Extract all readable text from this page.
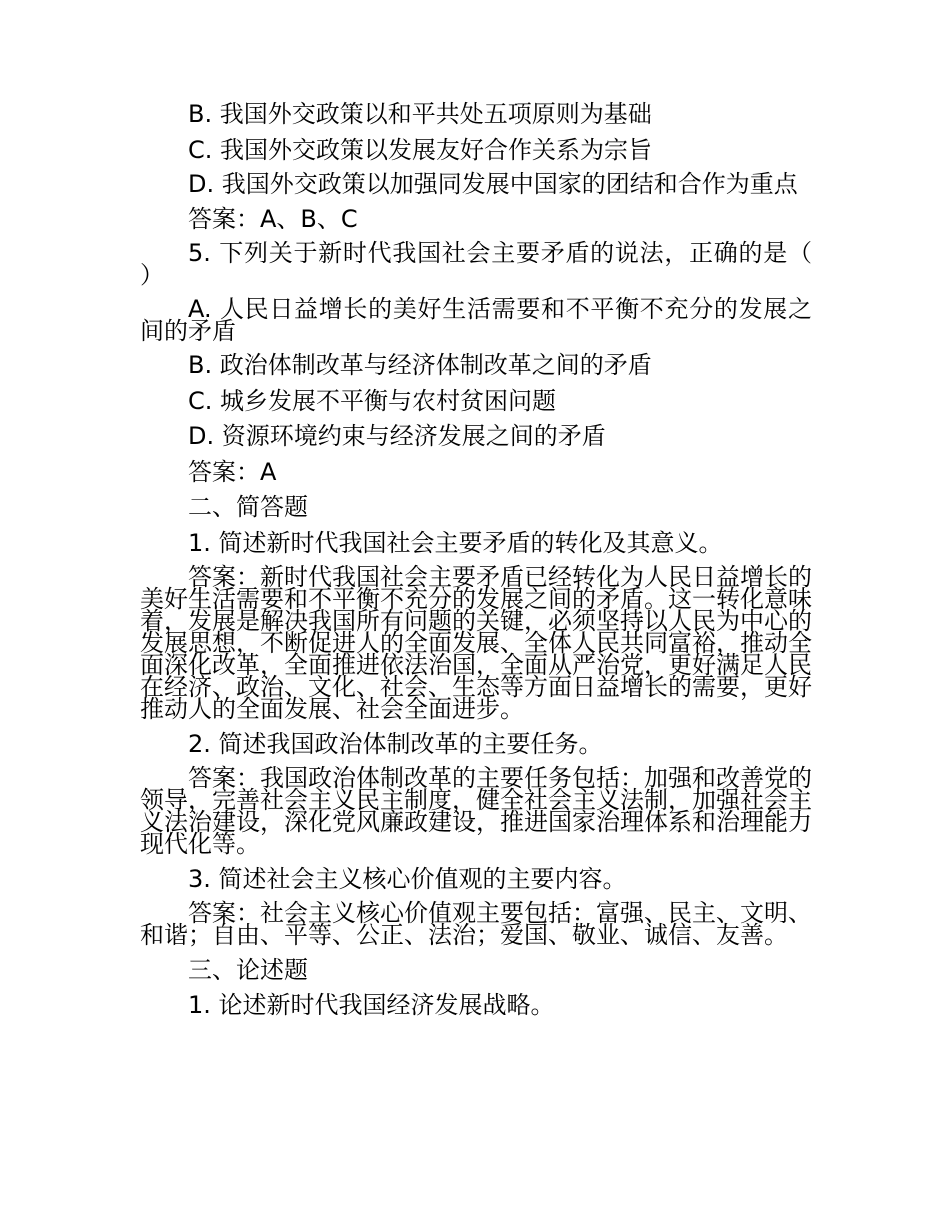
B. 我国外交政策以和平共处五项原则为基础

C. 我国外交政策以发展友好合作关系为宗旨

D. 我国外交政策以加强同发展中国家的团结和合作为重点

答案：A、B、C

5. 下列关于新时代我国社会主要矛盾的说法，正确的是（ ）

A. 人民日益增长的美好生活需要和不平衡不充分的发展之间的矛盾

B. 政治体制改革与经济体制改革之间的矛盾

C. 城乡发展不平衡与农村贫困问题

D. 资源环境约束与经济发展之间的矛盾

答案：A

二、简答题

1. 简述新时代我国社会主要矛盾的转化及其意义。

答案：新时代我国社会主要矛盾已经转化为人民日益增长的美好生活需要和不平衡不充分的发展之间的矛盾。这一转化意味着，发展是解决我国所有问题的关键，必须坚持以人民为中心的发展思想，不断促进人的全面发展、全体人民共同富裕，推动全面深化改革，全面推进依法治国，全面从严治党，更好满足人民在经济、政治、文化、社会、生态等方面日益增长的需要，更好推动人的全面发展、社会全面进步。

2. 简述我国政治体制改革的主要任务。

答案：我国政治体制改革的主要任务包括：加强和改善党的领导，完善社会主义民主制度，健全社会主义法制，加强社会主义法治建设，深化党风廉政建设，推进国家治理体系和治理能力现代化等。

3. 简述社会主义核心价值观的主要内容。

答案：社会主义核心价值观主要包括：富强、民主、文明、和谐；自由、平等、公正、法治；爱国、敬业、诚信、友善。

三、论述题

1. 论述新时代我国经济发展战略。
